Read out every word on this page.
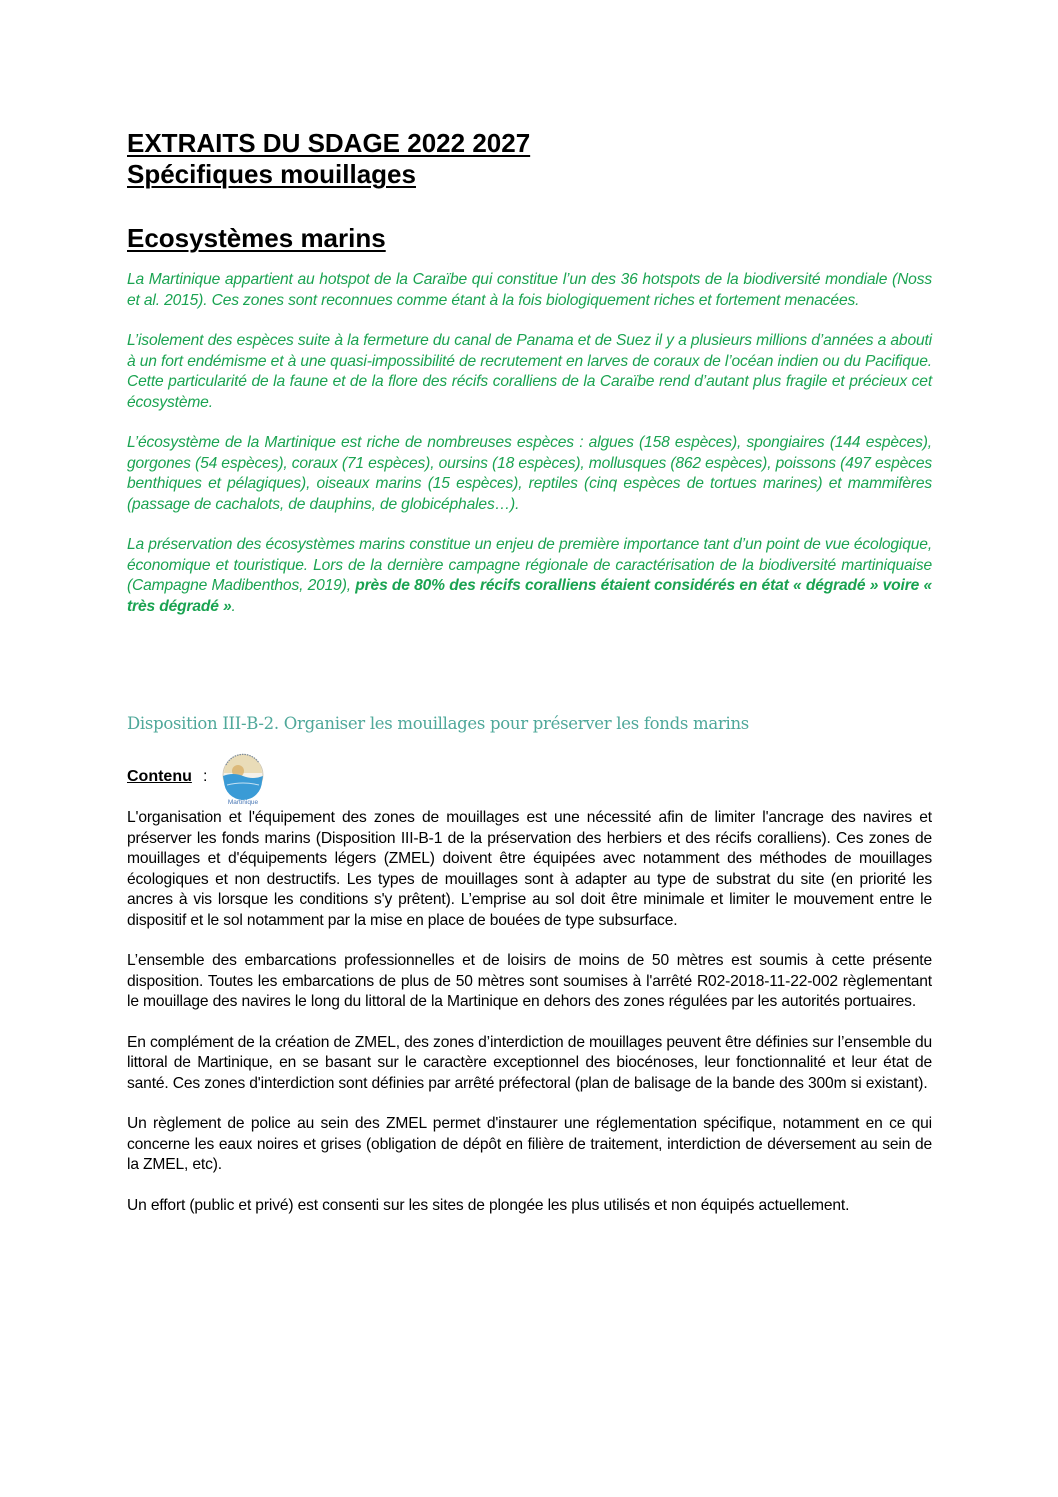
EXTRAITS DU SDAGE 2022 2027
Spécifiques mouillages
Ecosystèmes marins

La Martinique appartient au hotspot de la Caraïbe qui constitue l’un des 36 hotspots de la biodiversité mondiale (Noss et al. 2015). Ces zones sont reconnues comme étant à la fois biologiquement riches et fortement menacées.

L’isolement des espèces suite à la fermeture du canal de Panama et de Suez il y a plusieurs millions d’années a abouti à un fort endémisme et à une quasi-impossibilité de recrutement en larves de coraux de l’océan indien ou du Pacifique. Cette particularité de la faune et de la flore des récifs coralliens de la Caraïbe rend d’autant plus fragile et précieux cet écosystème.

L’écosystème de la Martinique est riche de nombreuses espèces : algues (158 espèces), spongiaires (144 espèces), gorgones (54 espèces), coraux (71 espèces), oursins (18 espèces), mollusques (862 espèces), poissons (497 espèces benthiques et pélagiques), oiseaux marins (15 espèces), reptiles (cinq espèces de tortues marines) et mammifères (passage de cachalots, de dauphins, de globicéphales…).

La préservation des écosystèmes marins constitue un enjeu de première importance tant d’un point de vue écologique, économique et touristique. Lors de la dernière campagne régionale de caractérisation de la biodiversité martiniquaise (Campagne Madibenthos, 2019), près de 80% des récifs coralliens étaient considérés en état « dégradé » voire « très dégradé ».

Disposition III-B-2. Organiser les mouillages pour préserver les fonds marins

Contenu :
Martinique

L'organisation et l'équipement des zones de mouillages est une nécessité afin de limiter l'ancrage des navires et préserver les fonds marins (Disposition III-B-1 de la préservation des herbiers et des récifs coralliens). Ces zones de mouillages et d'équipements légers (ZMEL) doivent être équipées avec notamment des méthodes de mouillages écologiques et non destructifs. Les types de mouillages sont à adapter au type de substrat du site (en priorité les ancres à vis lorsque les conditions s'y prêtent). L’emprise au sol doit être minimale et limiter le mouvement entre le dispositif et le sol notamment par la mise en place de bouées de type subsurface.

L’ensemble des embarcations professionnelles et de loisirs de moins de 50 mètres est soumis à cette présente disposition. Toutes les embarcations de plus de 50 mètres sont soumises à l'arrêté R02-2018-11-22-002 règlementant le mouillage des navires le long du littoral de la Martinique en dehors des zones régulées par les autorités portuaires.

En complément de la création de ZMEL, des zones d’interdiction de mouillages peuvent être définies sur l’ensemble du littoral de Martinique, en se basant sur le caractère exceptionnel des biocénoses, leur fonctionnalité et leur état de santé. Ces zones d'interdiction sont définies par arrêté préfectoral (plan de balisage de la bande des 300m si existant).

Un règlement de police au sein des ZMEL permet d'instaurer une réglementation spécifique, notamment en ce qui concerne les eaux noires et grises (obligation de dépôt en filière de traitement, interdiction de déversement au sein de la ZMEL, etc).

Un effort (public et privé) est consenti sur les sites de plongée les plus utilisés et non équipés actuellement.
